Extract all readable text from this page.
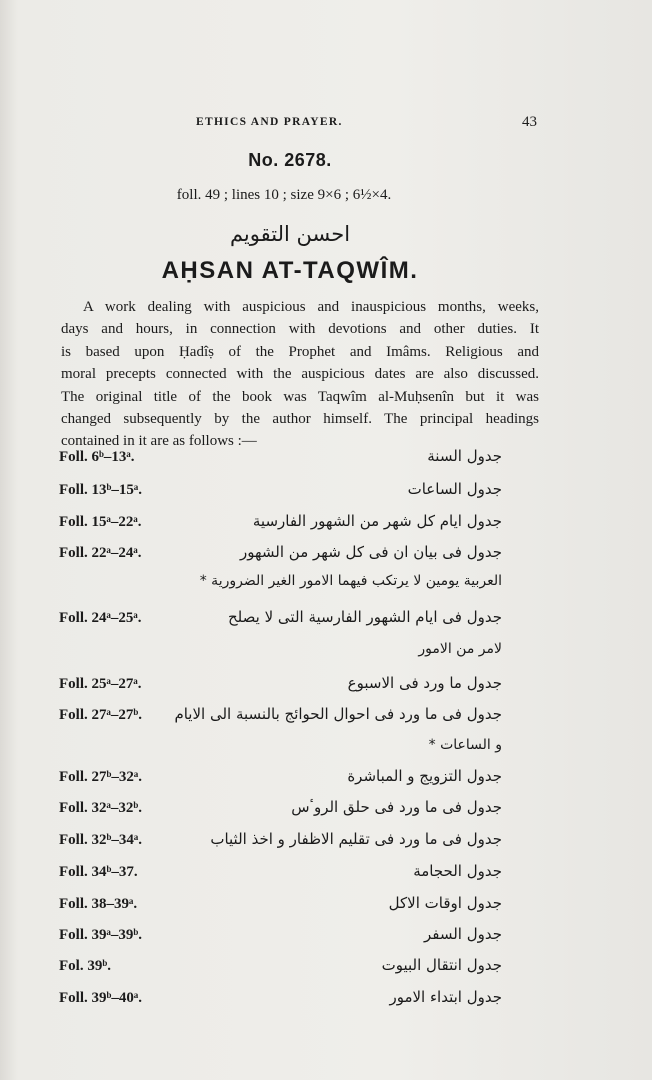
ETHICS AND PRAYER.	43
No. 2678.
foll. 49 ; lines 10 ; size 9×6 ; 6½×4.
احسن التقويم
AḤSAN AT-TAQWÎM.
A work dealing with auspicious and inauspicious months, weeks,
days and hours, in connection with devotions and other duties. It
is based upon Ḥadîṣ of the Prophet and Imâms. Religious and
moral precepts connected with the auspicious dates are also discussed.
The original title of the book was Taqwîm al-Muḥsenîn but it was
changed subsequently by the author himself. The principal headings
contained in it are as follows :—
Foll. 6ᵇ–13ᵃ.	جدول السنة
Foll. 13ᵇ–15ᵃ.	جدول الساعات
Foll. 15ᵃ–22ᵃ.	جدول ايام كل شهر من الشهور الفارسية
Foll. 22ᵃ–24ᵃ.	جدول فی بیان ان فی کل شهر من الشهور
العربیة یومین لا یرتکب فیهما الامور الغیر الضروریة *
Foll. 24ᵃ–25ᵃ.	جدول فی ایام الشهور الفارسیة التی لا یصلح
لامر من الامور
Foll. 25ᵃ–27ᵃ.	جدول ما ورد فی الاسبوع
Foll. 27ᵃ–27ᵇ. جدول فی ما ورد فی احوال الحوائج بالنسبة الی الایام
و الساعات *
Foll. 27ᵇ–32ᵃ.	جدول التزویج و المباشرة
Foll. 32ᵃ–32ᵇ.	جدول فی ما ورد فی حلق الروٴس
Foll. 32ᵇ–34ᵃ.	جدول فی ما ورد فی تقلیم الاظفار و اخذ الثیاب
Foll. 34ᵇ–37.	جدول الحجامة
Foll. 38–39ᵃ.	جدول اوقات الاکل
Foll. 39ᵃ–39ᵇ.	جدول السفر
Fol. 39ᵇ.	جدول انتقال البیوت
Foll. 39ᵇ–40ᵃ.	جدول ابتداء الامور
